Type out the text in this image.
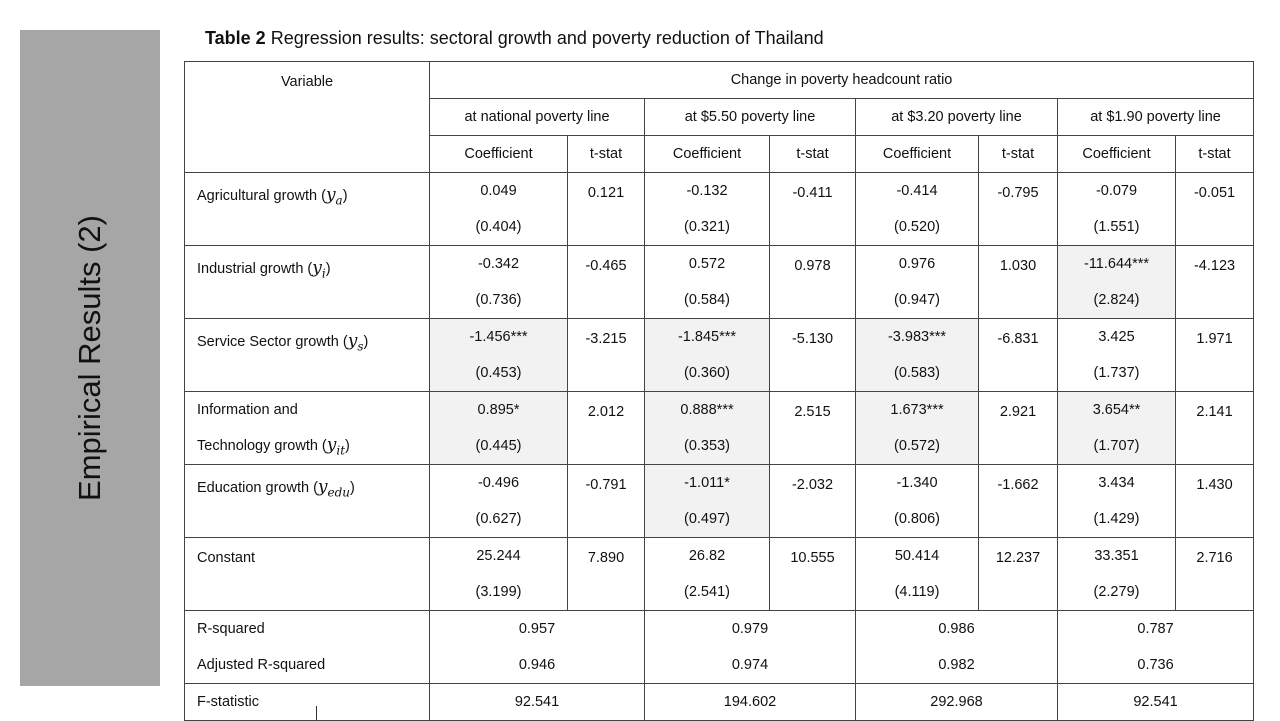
Empirical Results (2)
Table 2 Regression results: sectoral growth and poverty reduction of Thailand
Variable	Change in poverty headcount ratio							
	at national poverty line		at $5.50 poverty line		at $3.20 poverty line		at $1.90 poverty line	
	Coefficient	t-stat	Coefficient	t-stat	Coefficient	t-stat	Coefficient	t-stat
Agricultural growth $(y_a)$	0.049	0.121	-0.132	-0.411	-0.414	-0.795	-0.079	-0.051
	(0.404)		(0.321)		(0.520)		(1.551)	
Industrial growth $(y_i)$	-0.342	-0.465	0.572	0.978	0.976	1.030	-11.644***	-4.123
	(0.736)		(0.584)		(0.947)		(2.824)	
Service Sector growth $(y_s)$	-1.456***	-3.215	-1.845***	-5.130	-3.983***	-6.831	3.425	1.971
	(0.453)		(0.360)		(0.583)		(1.737)	
Information and	0.895*	2.012	0.888***	2.515	1.673***	2.921	3.654**	2.141
Technology growth $(y_{it})$	(0.445)		(0.353)		(0.572)		(1.707)	
Education growth $(y_{edu})$	-0.496	-0.791	-1.011*	-2.032	-1.340	-1.662	3.434	1.430
	(0.627)		(0.497)		(0.806)		(1.429)	
Constant	25.244	7.890	26.82	10.555	50.414	12.237	33.351	2.716
	(3.199)		(2.541)		(4.119)		(2.279)	
R-squared	0.957		0.979		0.986		0.787	
Adjusted R-squared	0.946		0.974		0.982		0.736	
F-statistic	92.541		194.602		292.968		92.541	
